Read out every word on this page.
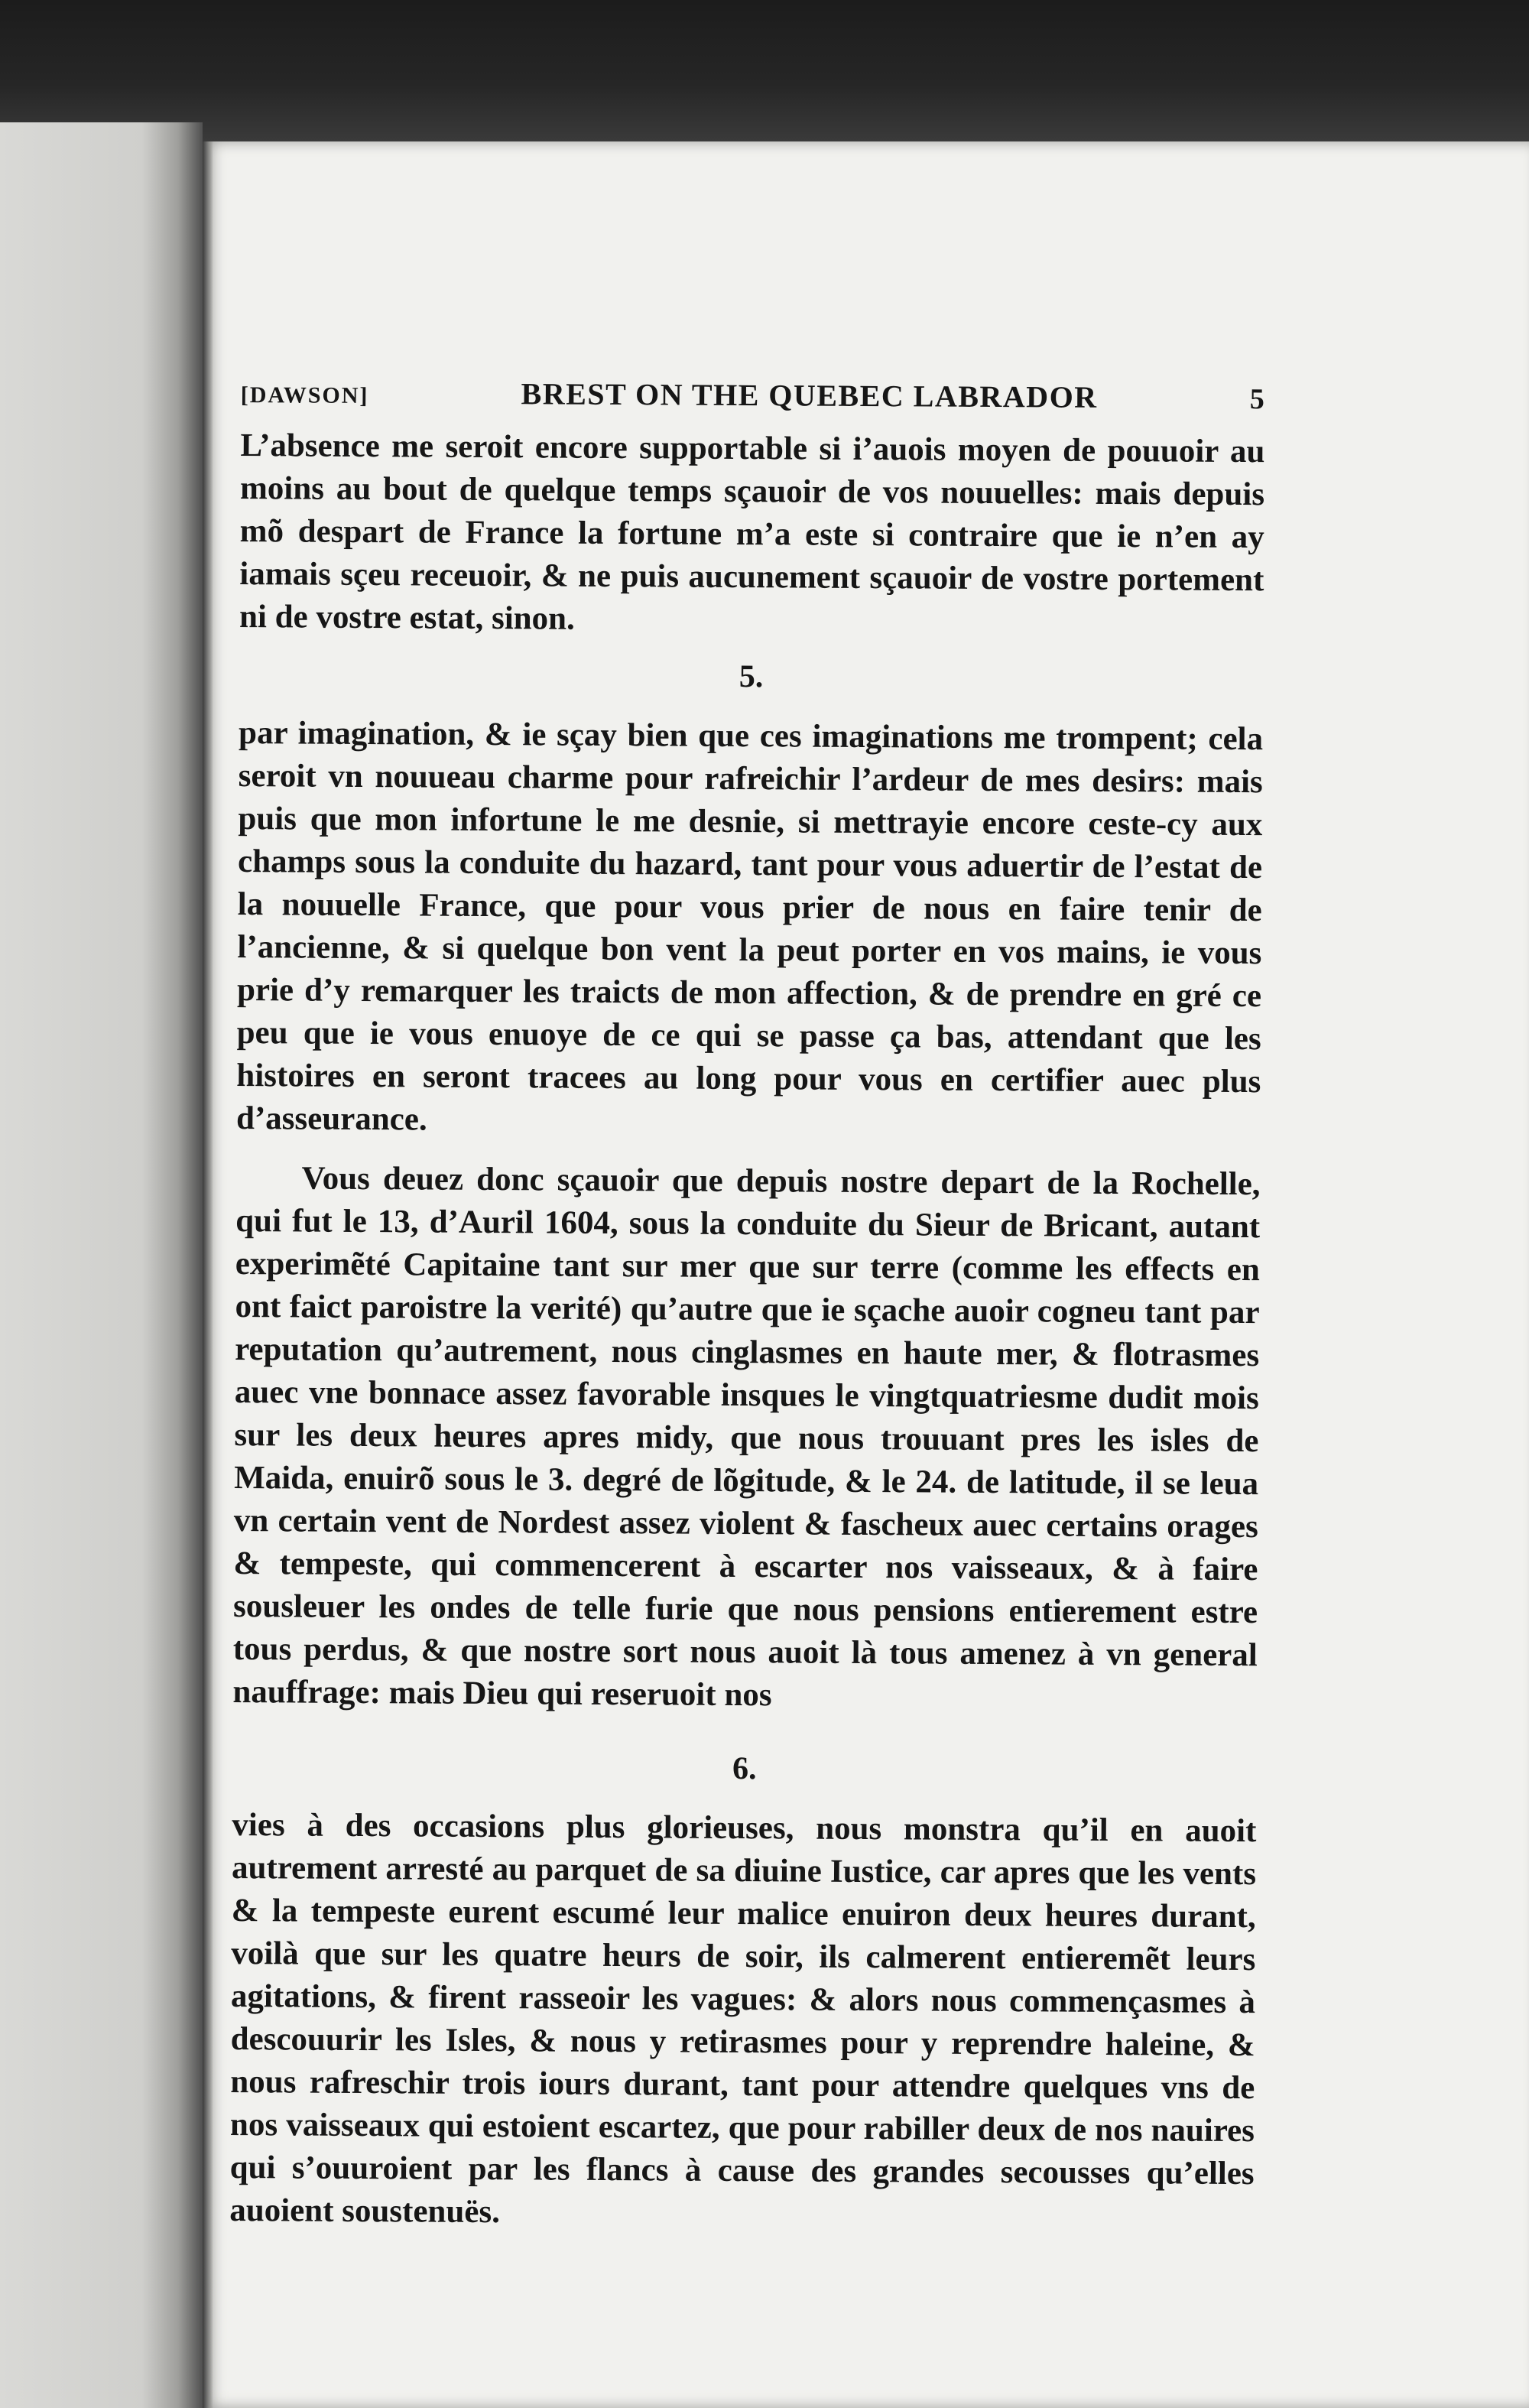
[DAWSON]	BREST ON THE QUEBEC LABRADOR	5

L’absence me seroit encore supportable si i’auois moyen de pouuoir au moins au bout de quelque temps sçauoir de vos nouuelles: mais depuis mõ despart de France la fortune m’a este si contraire que ie n’en ay iamais sçeu receuoir, & ne puis aucunement sçauoir de vostre portement ni de vostre estat, sinon.

5.

par imagination, & ie sçay bien que ces imaginations me trompent; cela seroit vn nouueau charme pour rafreichir l’ardeur de mes desirs: mais puis que mon infortune le me desnie, si mettrayie encore ceste-cy aux champs sous la conduite du hazard, tant pour vous aduertir de l’estat de la nouuelle France, que pour vous prier de nous en faire tenir de l’ancienne, & si quelque bon vent la peut porter en vos mains, ie vous prie d’y remarquer les traicts de mon affection, & de prendre en gré ce peu que ie vous enuoye de ce qui se passe ça bas, attendant que les histoires en seront tracees au long pour vous en certifier auec plus d’asseurance.

Vous deuez donc sçauoir que depuis nostre depart de la Rochelle, qui fut le 13, d’Auril 1604, sous la conduite du Sieur de Bricant, autant experimẽté Capitaine tant sur mer que sur terre (comme les effects en ont faict paroistre la verité) qu’autre que ie sçache auoir cogneu tant par reputation qu’autrement, nous cinglasmes en haute mer, & flotrasmes auec vne bonnace assez favorable insques le vingtquatriesme dudit mois sur les deux heures apres midy, que nous trouuant pres les isles de Maida, enuirõ sous le 3. degré de lõgitude, & le 24. de latitude, il se leua vn certain vent de Nordest assez violent & fascheux auec certains orages & tempeste, qui commencerent à escarter nos vaisseaux, & à faire sousleuer les ondes de telle furie que nous pensions entierement estre tous perdus, & que nostre sort nous auoit là tous amenez à vn general nauffrage: mais Dieu qui reseruoit nos

6.

vies à des occasions plus glorieuses, nous monstra qu’il en auoit autrement arresté au parquet de sa diuine Iustice, car apres que les vents & la tempeste eurent escumé leur malice enuiron deux heures durant, voilà que sur les quatre heurs de soir, ils calmerent entieremẽt leurs agitations, & firent rasseoir les vagues: & alors nous commençasmes à descouurir les Isles, & nous y retirasmes pour y reprendre haleine, & nous rafreschir trois iours durant, tant pour attendre quelques vns de nos vaisseaux qui estoient escartez, que pour rabiller deux de nos nauires qui s’ouuroient par les flancs à cause des grandes secousses qu’elles auoient soustenuës.
